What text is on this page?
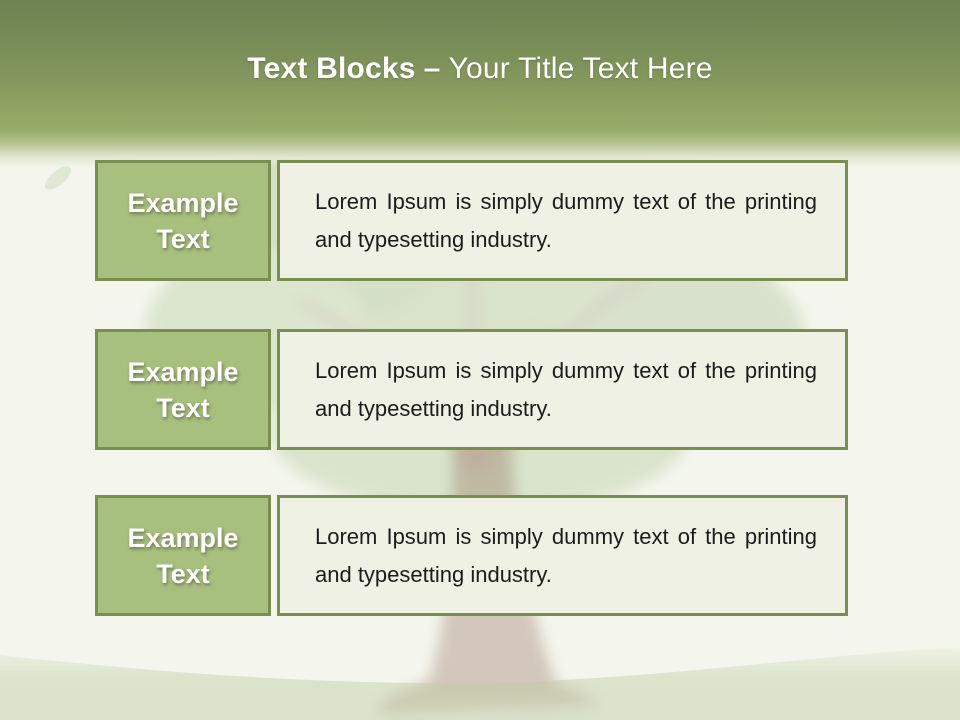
Text Blocks – Your Title Text Here
Example
Text

Lorem Ipsum is simply dummy text of the printing and typesetting industry.

Example
Text

Lorem Ipsum is simply dummy text of the printing and typesetting industry.

Example
Text

Lorem Ipsum is simply dummy text of the printing and typesetting industry.
